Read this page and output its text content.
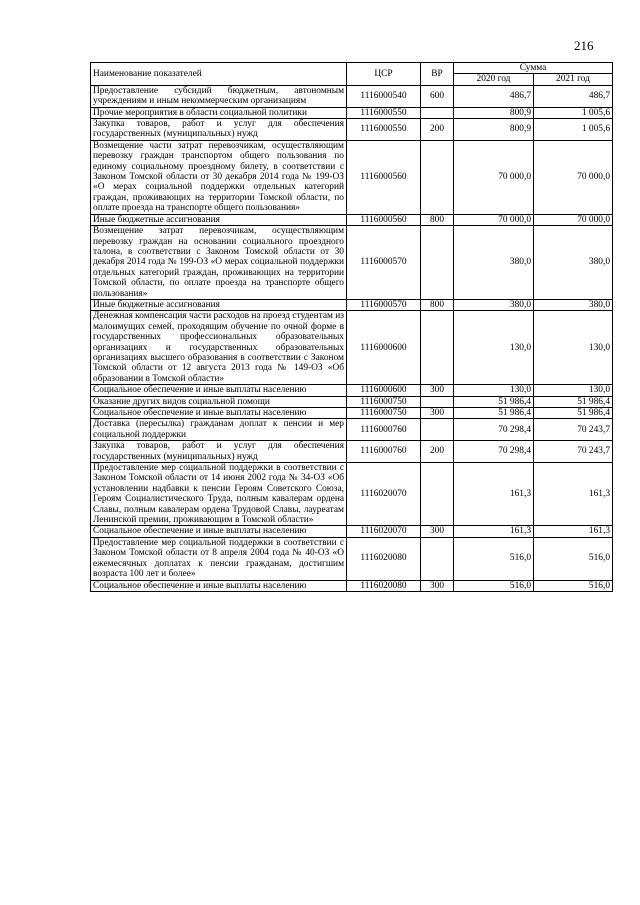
216
Наименование показателей	ЦСР	ВР	Сумма	
			2020 год	2021 год
Предоставление субсидий бюджетным, автономным учреждениям и иным некоммерческим организациям	1116000540	600	486,7	486,7
Прочие мероприятия в области социальной политики	1116000550		800,9	1 005,6
Закупка товаров, работ и услуг для обеспечения государственных (муниципальных) нужд	1116000550	200	800,9	1 005,6
Возмещение части затрат перевозчикам, осуществляющим перевозку граждан транспортом общего пользования по единому социальному проездному билету, в соответствии с Законом Томской области от 30 декабря 2014 года № 199-ОЗ «О мерах социальной поддержки отдельных категорий граждан, проживающих на территории Томской области, по оплате проезда на транспорте общего пользования»	1116000560		70 000,0	70 000,0
Иные бюджетные ассигнования	1116000560	800	70 000,0	70 000,0
Возмещение затрат перевозчикам, осуществляющим перевозку граждан на основании социального проездного талона, в соответствии с Законом Томской области от 30 декабря 2014 года № 199-ОЗ «О мерах социальной поддержки отдельных категорий граждан, проживающих на территории Томской области, по оплате проезда на транспорте общего пользования»	1116000570		380,0	380,0
Иные бюджетные ассигнования	1116000570	800	380,0	380,0
Денежная компенсация части расходов на проезд студентам из малоимущих семей, проходящим обучение по очной форме в государственных профессиональных образовательных организациях и государственных образовательных организациях высшего образования в соответствии с Законом Томской области от 12 августа 2013 года № 149-ОЗ «Об образовании в Томской области»	1116000600		130,0	130,0
Социальное обеспечение и иные выплаты населению	1116000600	300	130,0	130,0
Оказание других видов социальной помощи	1116000750		51 986,4	51 986,4
Социальное обеспечение и иные выплаты населению	1116000750	300	51 986,4	51 986,4
Доставка (пересылка) гражданам доплат к пенсии и мер социальной поддержки	1116000760		70 298,4	70 243,7
Закупка товаров, работ и услуг для обеспечения государственных (муниципальных) нужд	1116000760	200	70 298,4	70 243,7
Предоставление мер социальной поддержки в соответствии с Законом Томской области от 14 июня 2002 года № 34-ОЗ «Об установлении надбавки к пенсии Героям Советского Союза, Героям Социалистического Труда, полным кавалерам ордена Славы, полным кавалерам ордена Трудовой Славы, лауреатам Ленинской премии, проживающим в Томской области»	1116020070		161,3	161,3
Социальное обеспечение и иные выплаты населению	1116020070	300	161,3	161,3
Предоставление мер социальной поддержки в соответствии с Законом Томской области от 8 апреля 2004 года № 40-ОЗ «О ежемесячных доплатах к пенсии гражданам, достигшим возраста 100 лет и более»	1116020080		516,0	516,0
Социальное обеспечение и иные выплаты населению	1116020080	300	516,0	516,0
